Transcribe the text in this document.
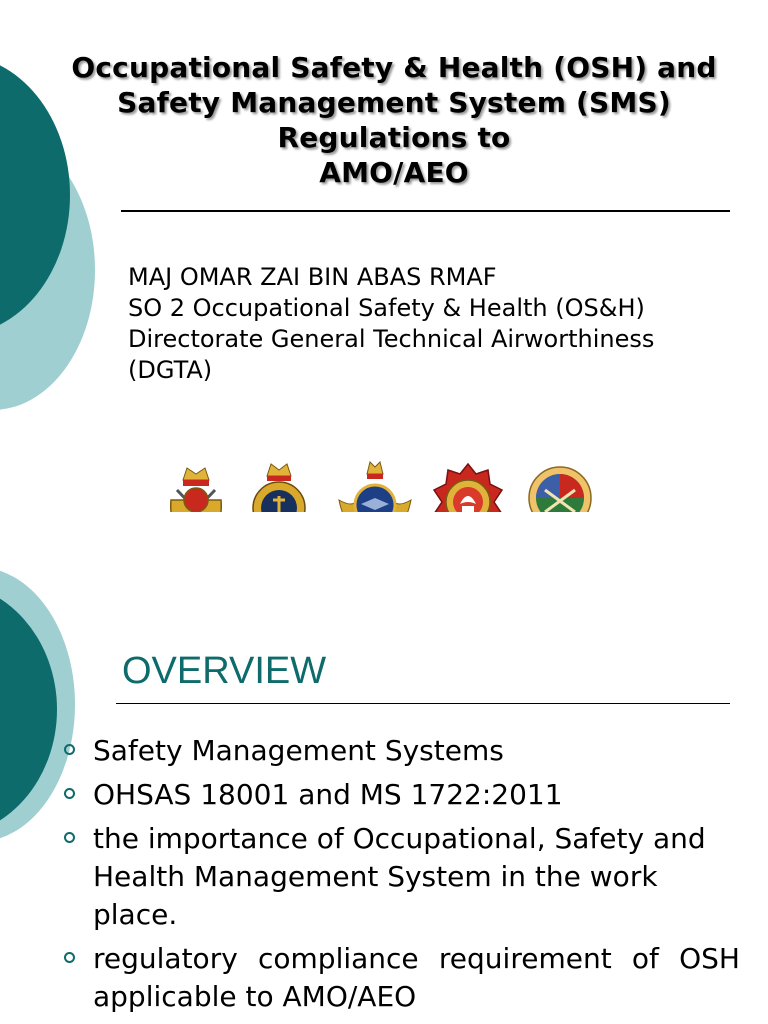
Occupational Safety & Health (OSH) and
Safety Management System (SMS)
Regulations to
AMO/AEO
MAJ OMAR ZAI BIN ABAS RMAF
SO 2 Occupational Safety & Health (OS&H)
Directorate General Technical Airworthiness
(DGTA)
OVERVIEW
Safety Management Systems
OHSAS 18001 and MS 1722:2011
the importance of Occupational, Safety and Health Management System in the work place.
regulatory compliance requirement of OSH applicable to AMO/AEO
